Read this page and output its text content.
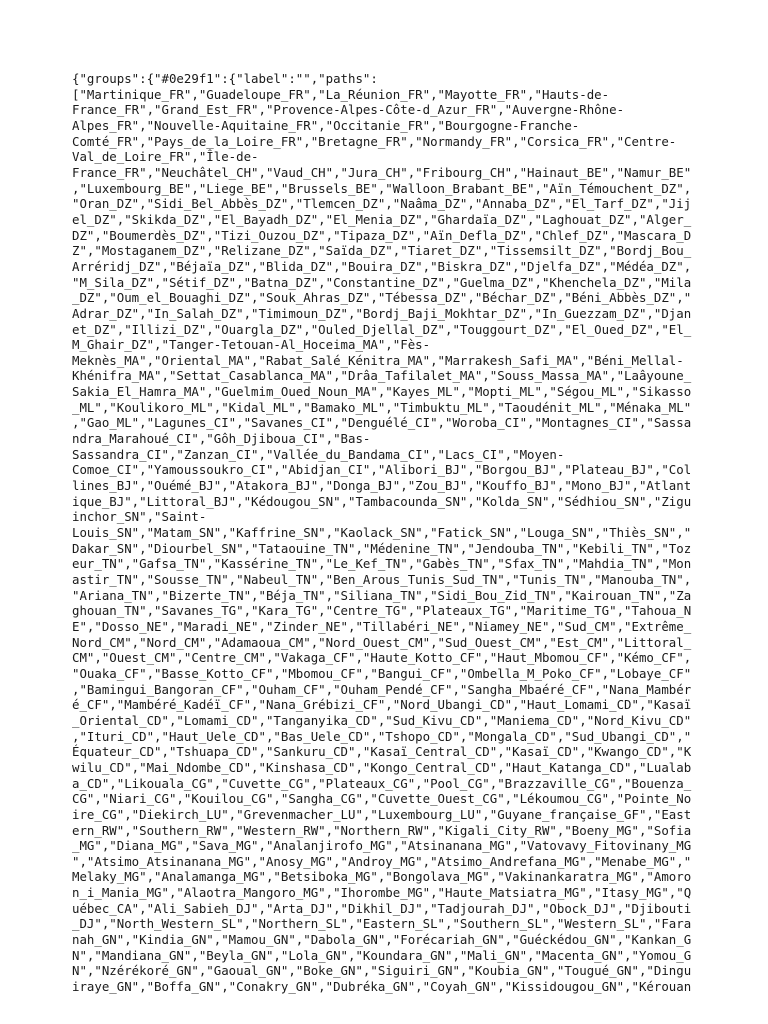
{"groups":{"#0e29f1":{"label":"","paths":
["Martinique_FR","Guadeloupe_FR","La_Réunion_FR","Mayotte_FR","Hauts-de-
France_FR","Grand_Est_FR","Provence-Alpes-Côte-d_Azur_FR","Auvergne-Rhône-
Alpes_FR","Nouvelle-Aquitaine_FR","Occitanie_FR","Bourgogne-Franche-
Comté_FR","Pays_de_la_Loire_FR","Bretagne_FR","Normandy_FR","Corsica_FR","Centre-
Val_de_Loire_FR","Île-de-
France_FR","Neuchâtel_CH","Vaud_CH","Jura_CH","Fribourg_CH","Hainaut_BE","Namur_BE"
,"Luxembourg_BE","Liege_BE","Brussels_BE","Walloon_Brabant_BE","Aïn_Témouchent_DZ",
"Oran_DZ","Sidi_Bel_Abbès_DZ","Tlemcen_DZ","Naâma_DZ","Annaba_DZ","El_Tarf_DZ","Jij
el_DZ","Skikda_DZ","El_Bayadh_DZ","El_Menia_DZ","Ghardaïa_DZ","Laghouat_DZ","Alger_
DZ","Boumerdès_DZ","Tizi_Ouzou_DZ","Tipaza_DZ","Aïn_Defla_DZ","Chlef_DZ","Mascara_D
Z","Mostaganem_DZ","Relizane_DZ","Saïda_DZ","Tiaret_DZ","Tissemsilt_DZ","Bordj_Bou_
Arréridj_DZ","Béjaïa_DZ","Blida_DZ","Bouira_DZ","Biskra_DZ","Djelfa_DZ","Médéa_DZ",
"M_Sila_DZ","Sétif_DZ","Batna_DZ","Constantine_DZ","Guelma_DZ","Khenchela_DZ","Mila
_DZ","Oum_el_Bouaghi_DZ","Souk_Ahras_DZ","Tébessa_DZ","Béchar_DZ","Béni_Abbès_DZ","
Adrar_DZ","In_Salah_DZ","Timimoun_DZ","Bordj_Baji_Mokhtar_DZ","In_Guezzam_DZ","Djan
et_DZ","Illizi_DZ","Ouargla_DZ","Ouled_Djellal_DZ","Touggourt_DZ","El_Oued_DZ","El_
M_Ghair_DZ","Tanger-Tetouan-Al_Hoceima_MA","Fès-
Meknès_MA","Oriental_MA","Rabat_Salé_Kénitra_MA","Marrakesh_Safi_MA","Béni_Mellal-
Khénifra_MA","Settat_Casablanca_MA","Drâa_Tafilalet_MA","Souss_Massa_MA","Laâyoune_
Sakia_El_Hamra_MA","Guelmim_Oued_Noun_MA","Kayes_ML","Mopti_ML","Ségou_ML","Sikasso
_ML","Koulikoro_ML","Kidal_ML","Bamako_ML","Timbuktu_ML","Taoudénit_ML","Ménaka_ML"
,"Gao_ML","Lagunes_CI","Savanes_CI","Denguélé_CI","Woroba_CI","Montagnes_CI","Sassa
ndra_Marahoué_CI","Gôh_Djiboua_CI","Bas-
Sassandra_CI","Zanzan_CI","Vallée_du_Bandama_CI","Lacs_CI","Moyen-
Comoe_CI","Yamoussoukro_CI","Abidjan_CI","Alibori_BJ","Borgou_BJ","Plateau_BJ","Col
lines_BJ","Ouémé_BJ","Atakora_BJ","Donga_BJ","Zou_BJ","Kouffo_BJ","Mono_BJ","Atlant
ique_BJ","Littoral_BJ","Kédougou_SN","Tambacounda_SN","Kolda_SN","Sédhiou_SN","Zigu
inchor_SN","Saint-
Louis_SN","Matam_SN","Kaffrine_SN","Kaolack_SN","Fatick_SN","Louga_SN","Thiès_SN","
Dakar_SN","Diourbel_SN","Tataouine_TN","Médenine_TN","Jendouba_TN","Kebili_TN","Toz
eur_TN","Gafsa_TN","Kassérine_TN","Le_Kef_TN","Gabès_TN","Sfax_TN","Mahdia_TN","Mon
astir_TN","Sousse_TN","Nabeul_TN","Ben_Arous_Tunis_Sud_TN","Tunis_TN","Manouba_TN",
"Ariana_TN","Bizerte_TN","Béja_TN","Siliana_TN","Sidi_Bou_Zid_TN","Kairouan_TN","Za
ghouan_TN","Savanes_TG","Kara_TG","Centre_TG","Plateaux_TG","Maritime_TG","Tahoua_N
E","Dosso_NE","Maradi_NE","Zinder_NE","Tillabéri_NE","Niamey_NE","Sud_CM","Extrême_
Nord_CM","Nord_CM","Adamaoua_CM","Nord_Ouest_CM","Sud_Ouest_CM","Est_CM","Littoral_
CM","Ouest_CM","Centre_CM","Vakaga_CF","Haute_Kotto_CF","Haut_Mbomou_CF","Kémo_CF",
"Ouaka_CF","Basse_Kotto_CF","Mbomou_CF","Bangui_CF","Ombella_M_Poko_CF","Lobaye_CF"
,"Bamingui_Bangoran_CF","Ouham_CF","Ouham_Pendé_CF","Sangha_Mbaéré_CF","Nana_Mambér
é_CF","Mambéré_Kadéï_CF","Nana_Grébizi_CF","Nord_Ubangi_CD","Haut_Lomami_CD","Kasaï
_Oriental_CD","Lomami_CD","Tanganyika_CD","Sud_Kivu_CD","Maniema_CD","Nord_Kivu_CD"
,"Ituri_CD","Haut_Uele_CD","Bas_Uele_CD","Tshopo_CD","Mongala_CD","Sud_Ubangi_CD","
Équateur_CD","Tshuapa_CD","Sankuru_CD","Kasaï_Central_CD","Kasaï_CD","Kwango_CD","K
wilu_CD","Mai_Ndombe_CD","Kinshasa_CD","Kongo_Central_CD","Haut_Katanga_CD","Lualab
a_CD","Likouala_CG","Cuvette_CG","Plateaux_CG","Pool_CG","Brazzaville_CG","Bouenza_
CG","Niari_CG","Kouilou_CG","Sangha_CG","Cuvette_Ouest_CG","Lékoumou_CG","Pointe_No
ire_CG","Diekirch_LU","Grevenmacher_LU","Luxembourg_LU","Guyane_française_GF","East
ern_RW","Southern_RW","Western_RW","Northern_RW","Kigali_City_RW","Boeny_MG","Sofia
_MG","Diana_MG","Sava_MG","Analanjirofo_MG","Atsinanana_MG","Vatovavy_Fitovinany_MG
","Atsimo_Atsinanana_MG","Anosy_MG","Androy_MG","Atsimo_Andrefana_MG","Menabe_MG","
Melaky_MG","Analamanga_MG","Betsiboka_MG","Bongolava_MG","Vakinankaratra_MG","Amoro
n_i_Mania_MG","Alaotra_Mangoro_MG","Ihorombe_MG","Haute_Matsiatra_MG","Itasy_MG","Q
uébec_CA","Ali_Sabieh_DJ","Arta_DJ","Dikhil_DJ","Tadjourah_DJ","Obock_DJ","Djibouti
_DJ","North_Western_SL","Northern_SL","Eastern_SL","Southern_SL","Western_SL","Fara
nah_GN","Kindia_GN","Mamou_GN","Dabola_GN","Forécariah_GN","Guéckédou_GN","Kankan_G
N","Mandiana_GN","Beyla_GN","Lola_GN","Koundara_GN","Mali_GN","Macenta_GN","Yomou_G
N","Nzérékoré_GN","Gaoual_GN","Boke_GN","Siguiri_GN","Koubia_GN","Tougué_GN","Dingu
iraye_GN","Boffa_GN","Conakry_GN","Dubréka_GN","Coyah_GN","Kissidougou_GN","Kérouan
